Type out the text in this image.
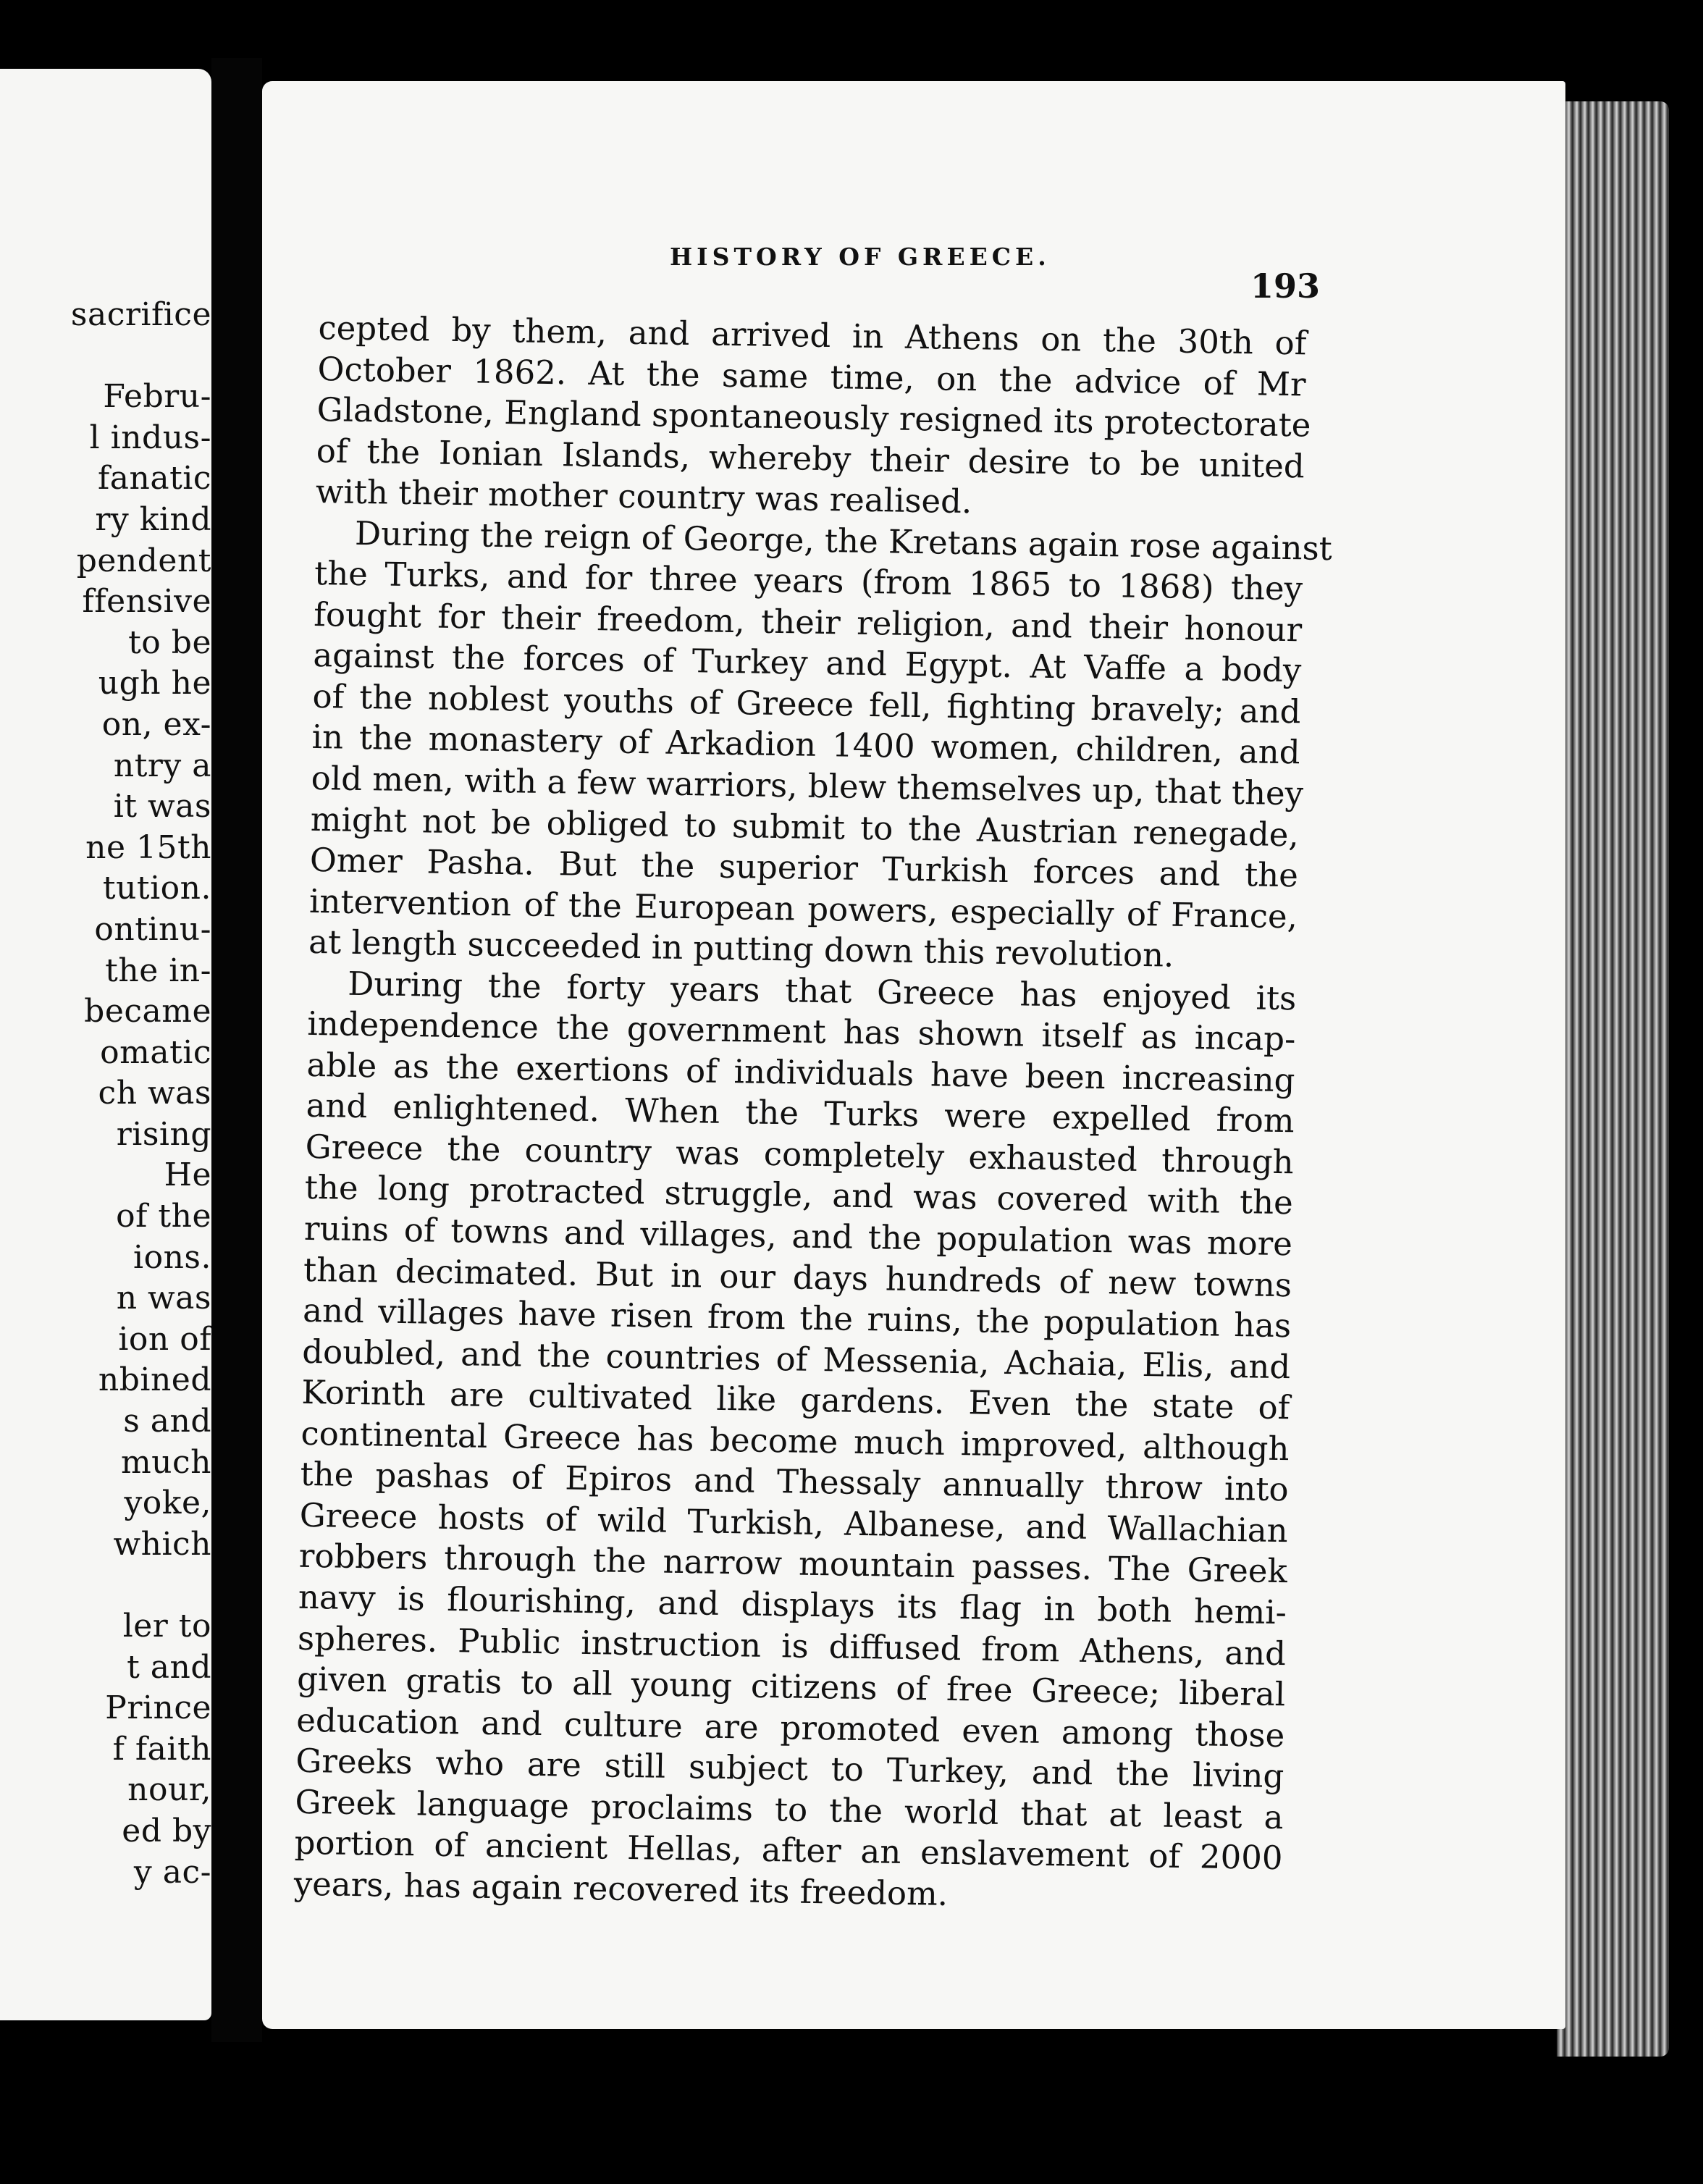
sacrifice

Febru-
l indus-
fanatic
ry kind
pendent
ffensive
to be
ugh he
on, ex-
ntry a
it was
ne 15th
tution.
ontinu-
the in-
became
omatic
ch was
rising
He
of the
ions.
n was
ion of
nbined
s and
much
yoke,
which

ler to
t and
Prince
f faith
nour,
ed by
y ac-
HISTORY OF GREECE.
193
cepted by them, and arrived in Athens on the 30th of
October 1862. At the same time, on the advice of Mr
Gladstone, England spontaneously resigned its protectorate
of the Ionian Islands, whereby their desire to be united
with their mother country was realised.
During the reign of George, the Kretans again rose against
the Turks, and for three years (from 1865 to 1868) they
fought for their freedom, their religion, and their honour
against the forces of Turkey and Egypt. At Vaffe a body
of the noblest youths of Greece fell, fighting bravely; and
in the monastery of Arkadion 1400 women, children, and
old men, with a few warriors, blew themselves up, that they
might not be obliged to submit to the Austrian renegade,
Omer Pasha. But the superior Turkish forces and the
intervention of the European powers, especially of France,
at length succeeded in putting down this revolution.
During the forty years that Greece has enjoyed its
independence the government has shown itself as incap-
able as the exertions of individuals have been increasing
and enlightened. When the Turks were expelled from
Greece the country was completely exhausted through
the long protracted struggle, and was covered with the
ruins of towns and villages, and the population was more
than decimated. But in our days hundreds of new towns
and villages have risen from the ruins, the population has
doubled, and the countries of Messenia, Achaia, Elis, and
Korinth are cultivated like gardens. Even the state of
continental Greece has become much improved, although
the pashas of Epiros and Thessaly annually throw into
Greece hosts of wild Turkish, Albanese, and Wallachian
robbers through the narrow mountain passes. The Greek
navy is flourishing, and displays its flag in both hemi-
spheres. Public instruction is diffused from Athens, and
given gratis to all young citizens of free Greece; liberal
education and culture are promoted even among those
Greeks who are still subject to Turkey, and the living
Greek language proclaims to the world that at least a
portion of ancient Hellas, after an enslavement of 2000
years, has again recovered its freedom.
